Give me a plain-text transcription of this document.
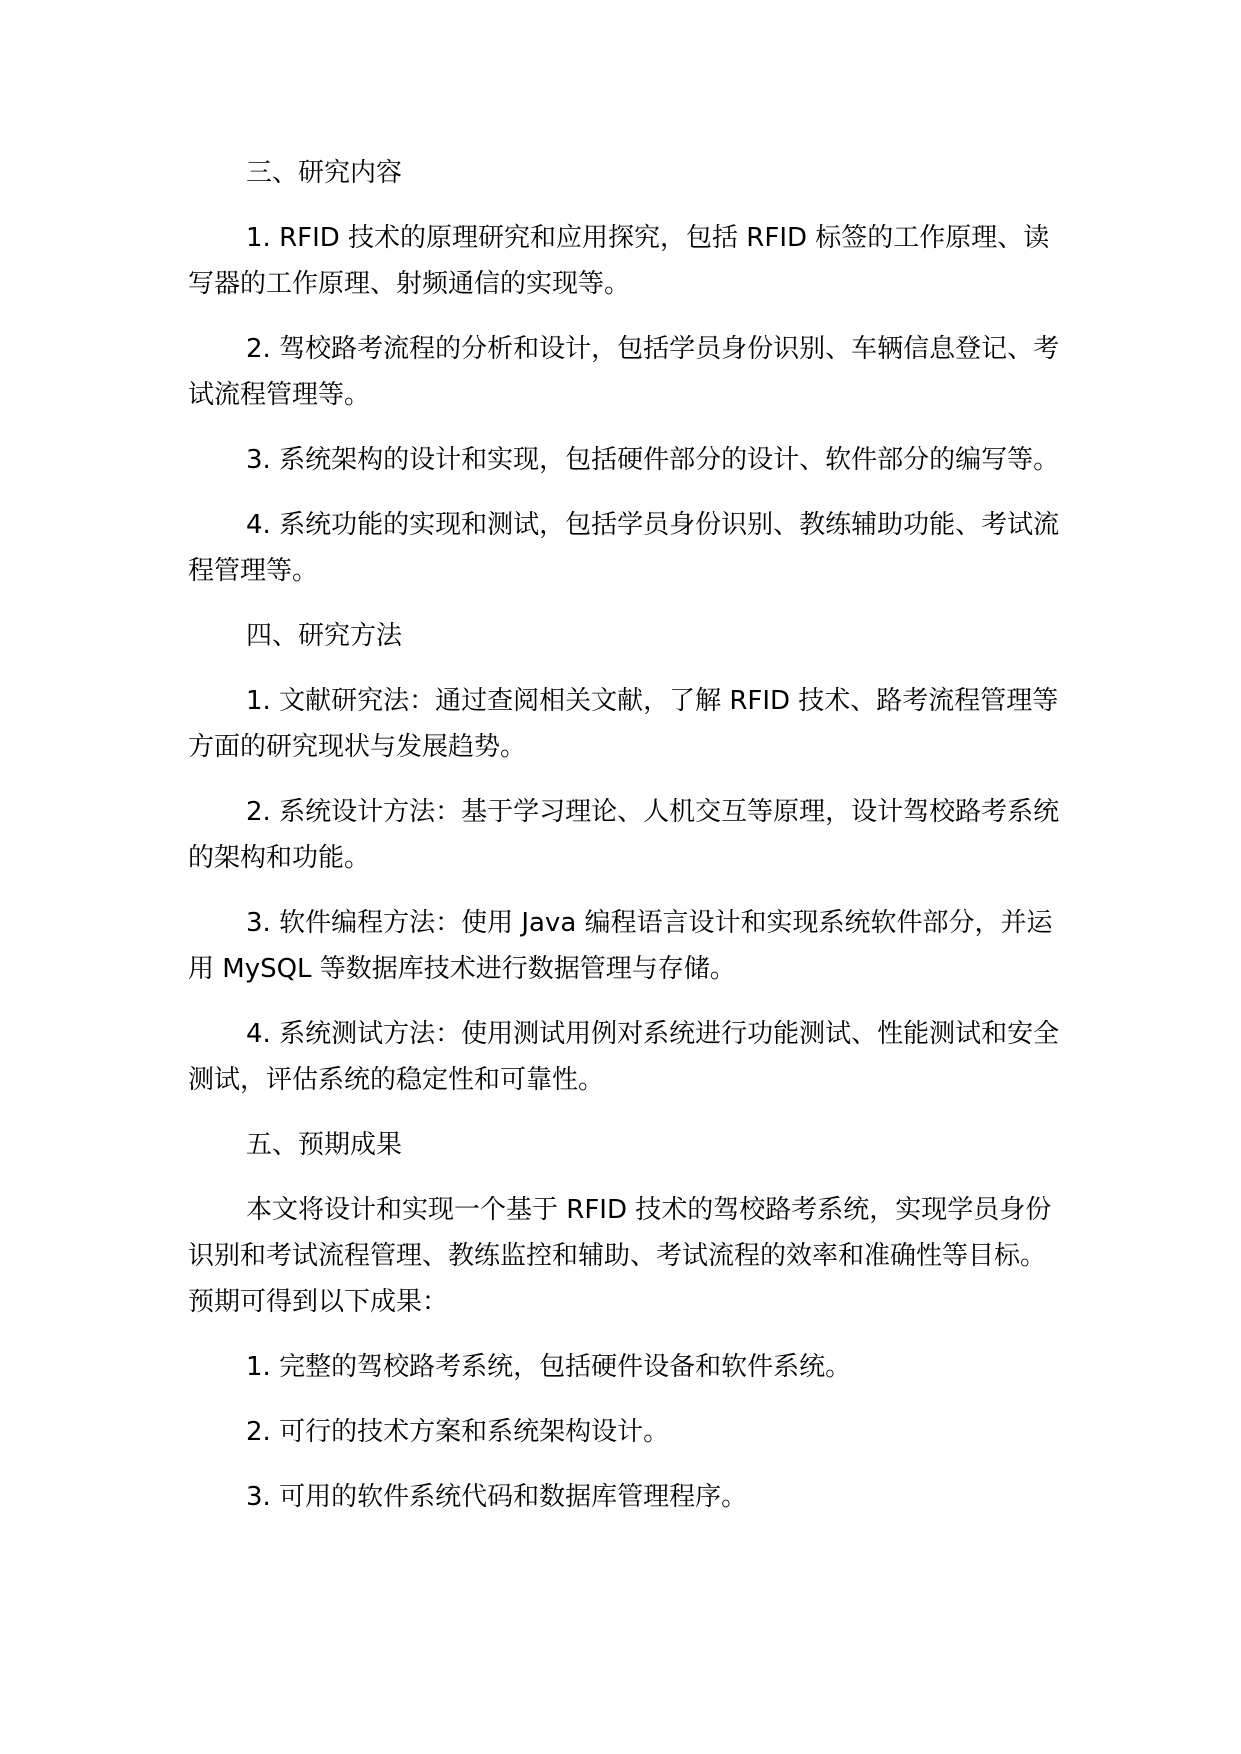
三、研究内容

1. RFID 技术的原理研究和应用探究，包括 RFID 标签的工作原理、读写器的工作原理、射频通信的实现等。

2. 驾校路考流程的分析和设计，包括学员身份识别、车辆信息登记、考试流程管理等。

3. 系统架构的设计和实现，包括硬件部分的设计、软件部分的编写等。

4. 系统功能的实现和测试，包括学员身份识别、教练辅助功能、考试流程管理等。

四、研究方法

1. 文献研究法：通过查阅相关文献，了解 RFID 技术、路考流程管理等方面的研究现状与发展趋势。

2. 系统设计方法：基于学习理论、人机交互等原理，设计驾校路考系统的架构和功能。

3. 软件编程方法：使用 Java 编程语言设计和实现系统软件部分，并运用 MySQL 等数据库技术进行数据管理与存储。

4. 系统测试方法：使用测试用例对系统进行功能测试、性能测试和安全测试，评估系统的稳定性和可靠性。

五、预期成果

本文将设计和实现一个基于 RFID 技术的驾校路考系统，实现学员身份识别和考试流程管理、教练监控和辅助、考试流程的效率和准确性等目标。预期可得到以下成果：

1. 完整的驾校路考系统，包括硬件设备和软件系统。

2. 可行的技术方案和系统架构设计。

3. 可用的软件系统代码和数据库管理程序。
